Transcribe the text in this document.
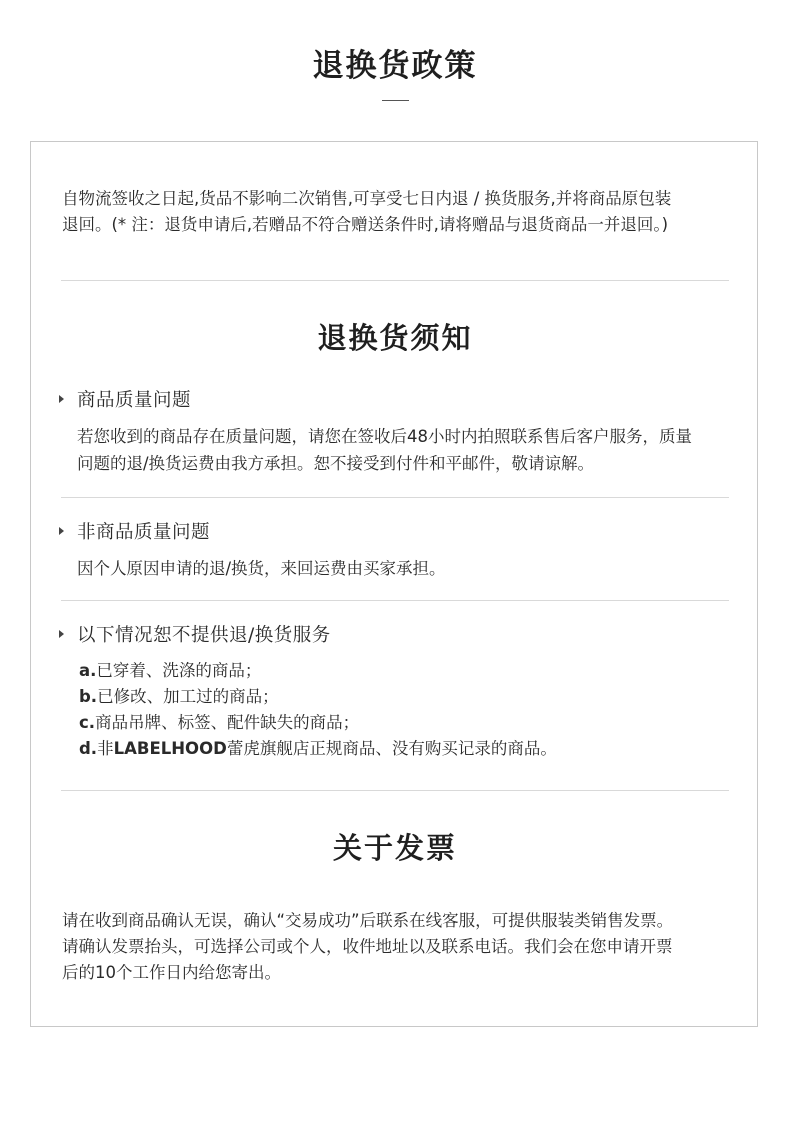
退换货政策

自物流签收之日起,货品不影响二次销售,可享受七日内退 / 换货服务,并将商品原包装
退回。(* 注：退货申请后,若赠品不符合赠送条件时,请将赠品与退货商品一并退回。)

退换货须知
商品质量问题

若您收到的商品存在质量问题，请您在签收后48小时内拍照联系售后客户服务，质量
问题的退/换货运费由我方承担。恕不接受到付件和平邮件，敬请谅解。

非商品质量问题

因个人原因申请的退/换货，来回运费由买家承担。

以下情况恕不提供退/换货服务
a.已穿着、洗涤的商品；
b.已修改、加工过的商品；
c.商品吊牌、标签、配件缺失的商品；
d.非LABELHOOD蕾虎旗舰店正规商品、没有购买记录的商品。
关于发票

请在收到商品确认无误，确认“交易成功”后联系在线客服，可提供服装类销售发票。
请确认发票抬头，可选择公司或个人，收件地址以及联系电话。我们会在您申请开票
后的10个工作日内给您寄出。
